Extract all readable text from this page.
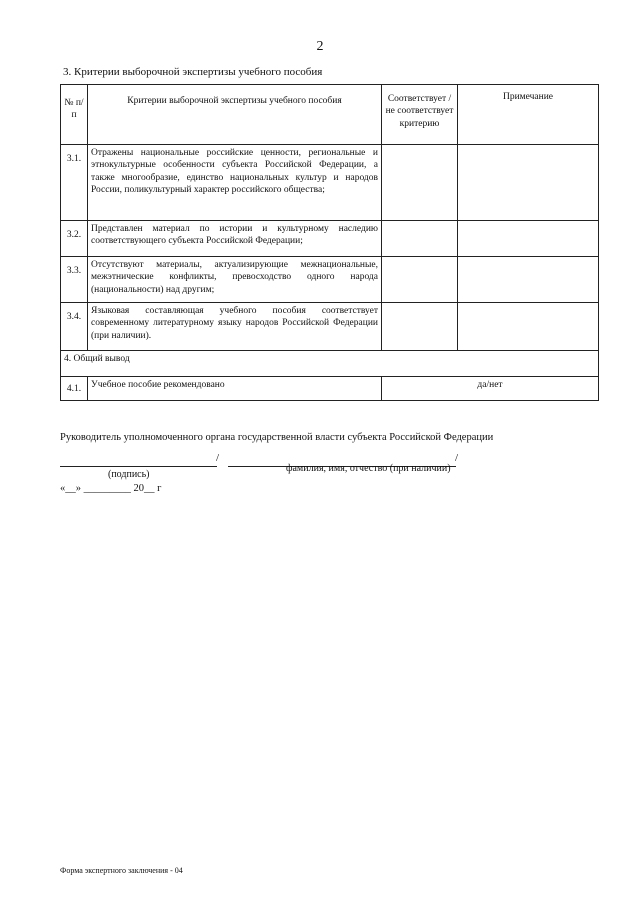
2
3. Критерии выборочной экспертизы учебного пособия
№ п/п	Критерии выборочной экспертизы учебного пособия	Соответствует /не соответствует критерию	Примечание
3.1.	Отражены национальные российские ценности, региональные и этнокультурные особенности субъекта Российской Федерации, а также многообразие, единство национальных культур и народов России, поликультурный характер российского общества;		
3.2.	Представлен материал по истории и культурному наследию соответствующего субъекта Российской Федерации;		
3.3.	Отсутствуют материалы, актуализирующие межнациональные, межэтнические конфликты, превосходство одного народа (национальности) над другим;		
3.4.	Языковая составляющая учебного пособия соответствует современному литературному языку народов Российской Федерации (при наличии).		
4. Общий вывод			
4.1.	Учебное пособие рекомендовано	да/нет	
Руководитель уполномоченного органа государственной власти субъекта Российской Федерации
/	/
(подпись)
фамилия, имя, отчество (при наличии)
«__» _________ 20__ г
Форма экспертного заключения - 04
